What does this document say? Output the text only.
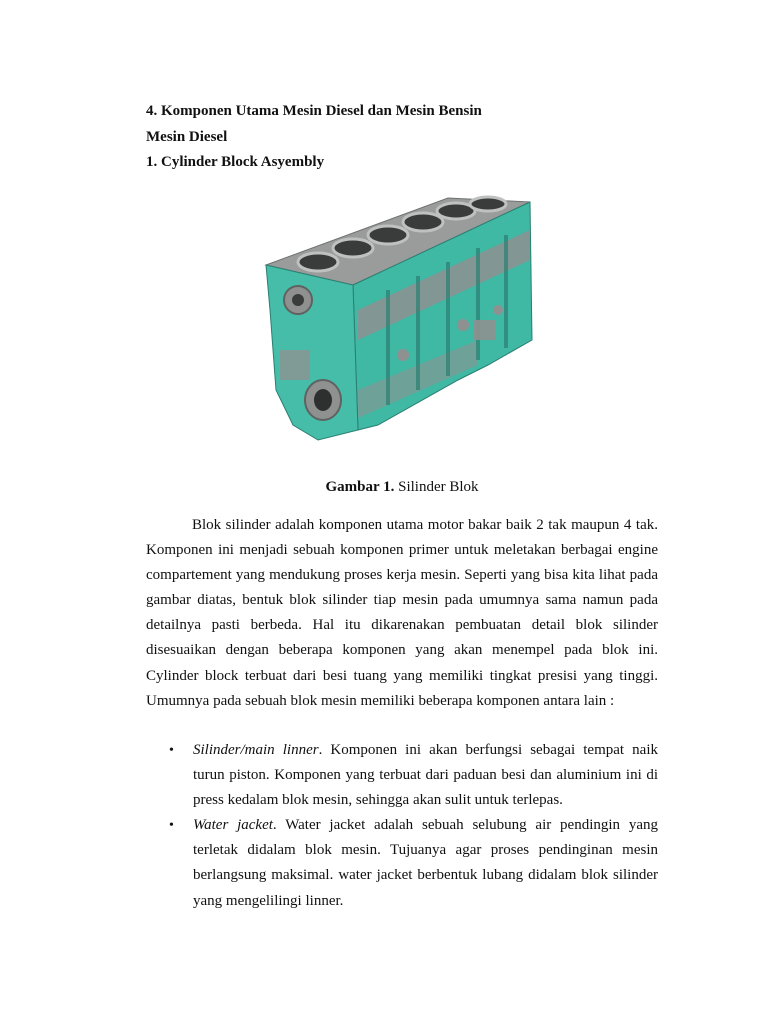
4. Komponen Utama Mesin Diesel dan Mesin Bensin
Mesin Diesel
1. Cylinder Block Asyembly
Gambar 1. Silinder Blok
Blok silinder adalah komponen utama motor bakar baik 2 tak maupun 4 tak. Komponen ini menjadi sebuah komponen primer untuk meletakan berbagai engine compartement yang mendukung proses kerja mesin. Seperti yang bisa kita lihat pada gambar diatas, bentuk blok silinder tiap mesin pada umumnya sama namun pada detailnya pasti berbeda. Hal itu dikarenakan pembuatan detail blok silinder disesuaikan dengan beberapa komponen yang akan menempel pada blok ini. Cylinder block terbuat dari besi tuang yang memiliki tingkat presisi yang tinggi. Umumnya pada sebuah blok mesin memiliki beberapa komponen antara lain :
• Silinder/main linner. Komponen ini akan berfungsi sebagai tempat naik turun piston. Komponen yang terbuat dari paduan besi dan aluminium ini di press kedalam blok mesin, sehingga akan sulit untuk terlepas.
• Water jacket. Water jacket adalah sebuah selubung air pendingin yang terletak didalam blok mesin. Tujuanya agar proses pendinginan mesin berlangsung maksimal. water jacket berbentuk lubang didalam blok silinder yang mengelilingi linner.
